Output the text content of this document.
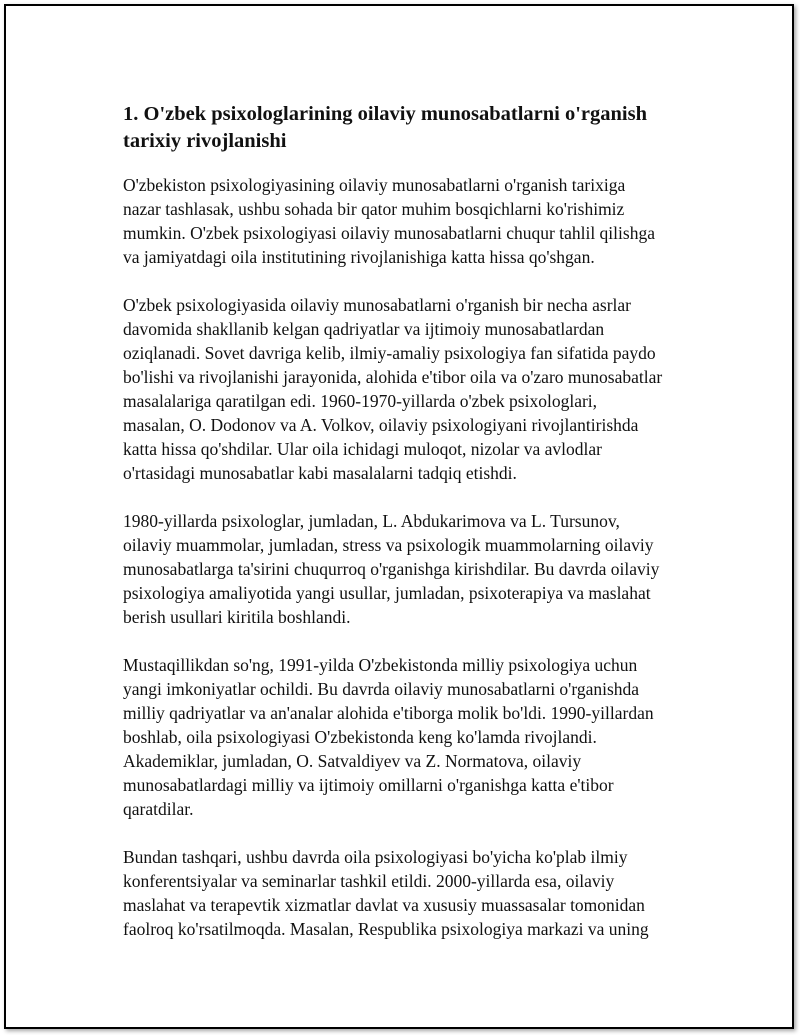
1. O'zbek psixologlarining oilaviy munosabatlarni o'rganish
tarixiy rivojlanishi

O'zbekiston psixologiyasining oilaviy munosabatlarni o'rganish tarixiga
nazar tashlasak, ushbu sohada bir qator muhim bosqichlarni ko'rishimiz
mumkin. O'zbek psixologiyasi oilaviy munosabatlarni chuqur tahlil qilishga
va jamiyatdagi oila institutining rivojlanishiga katta hissa qo'shgan.

O'zbek psixologiyasida oilaviy munosabatlarni o'rganish bir necha asrlar
davomida shakllanib kelgan qadriyatlar va ijtimoiy munosabatlardan
oziqlanadi. Sovet davriga kelib, ilmiy-amaliy psixologiya fan sifatida paydo
bo'lishi va rivojlanishi jarayonida, alohida e'tibor oila va o'zaro munosabatlar
masalalariga qaratilgan edi. 1960-1970-yillarda o'zbek psixologlari,
masalan, O. Dodonov va A. Volkov, oilaviy psixologiyani rivojlantirishda
katta hissa qo'shdilar. Ular oila ichidagi muloqot, nizolar va avlodlar
o'rtasidagi munosabatlar kabi masalalarni tadqiq etishdi.

1980-yillarda psixologlar, jumladan, L. Abdukarimova va L. Tursunov,
oilaviy muammolar, jumladan, stress va psixologik muammolarning oilaviy
munosabatlarga ta'sirini chuqurroq o'rganishga kirishdilar. Bu davrda oilaviy
psixologiya amaliyotida yangi usullar, jumladan, psixoterapiya va maslahat
berish usullari kiritila boshlandi.

Mustaqillikdan so'ng, 1991-yilda O'zbekistonda milliy psixologiya uchun
yangi imkoniyatlar ochildi. Bu davrda oilaviy munosabatlarni o'rganishda
milliy qadriyatlar va an'analar alohida e'tiborga molik bo'ldi. 1990-yillardan
boshlab, oila psixologiyasi O'zbekistonda keng ko'lamda rivojlandi.
Akademiklar, jumladan, O. Satvaldiyev va Z. Normatova, oilaviy
munosabatlardagi milliy va ijtimoiy omillarni o'rganishga katta e'tibor
qaratdilar.

Bundan tashqari, ushbu davrda oila psixologiyasi bo'yicha ko'plab ilmiy
konferentsiyalar va seminarlar tashkil etildi. 2000-yillarda esa, oilaviy
maslahat va terapevtik xizmatlar davlat va xususiy muassasalar tomonidan
faolroq ko'rsatilmoqda. Masalan, Respublika psixologiya markazi va uning
